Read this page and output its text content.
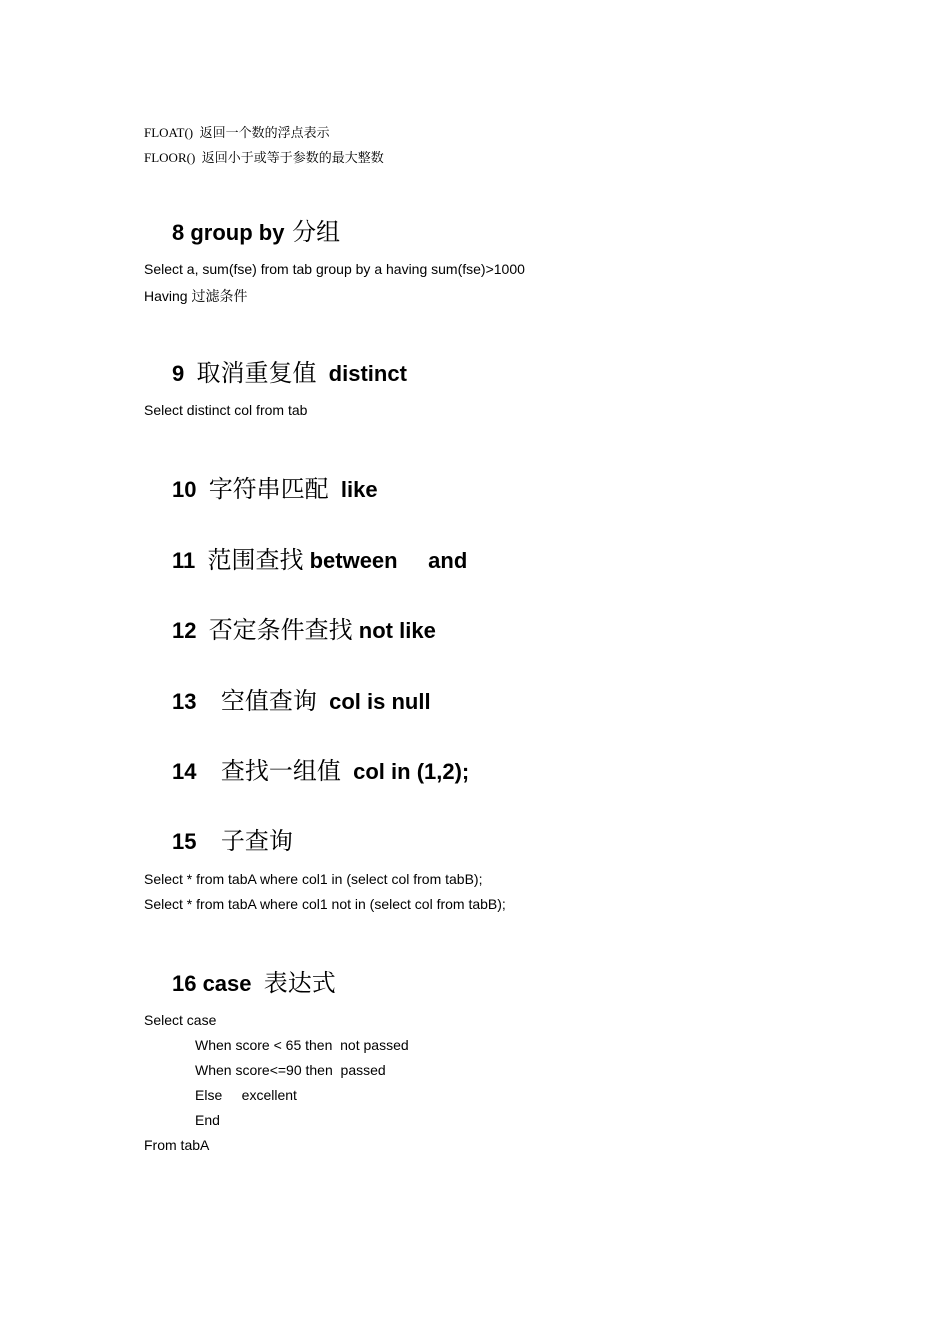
FLOAT()  返回一个数的浮点表示
FLOOR()  返回小于或等于参数的最大整数

8 group by 分组

Select a, sum(fse) from tab group by a having sum(fse)>1000
Having 过滤条件

9  取消重复值  distinct

Select distinct col from tab

10  字符串匹配  like

11  范围查找 between     and

12  否定条件查找 not like

13    空值查询  col is null

14    查找一组值  col in (1,2);

15    子查询

Select * from tabA where col1 in (select col from tabB);
Select * from tabA where col1 not in (select col from tabB);

16 case  表达式

Select case
When score < 65 then  not passed
When score<=90 then  passed
Else     excellent
End
From tabA
